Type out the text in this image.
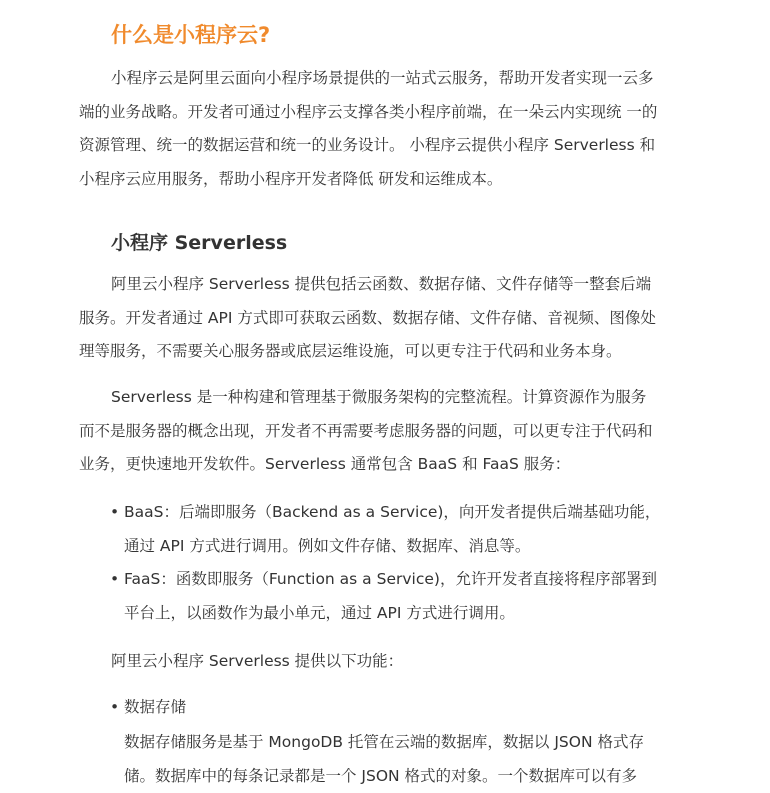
什么是小程序云?
小程序云是阿里云面向小程序场景提供的一站式云服务，帮助开发者实现一云多
端的业务战略。开发者可通过小程序云支撑各类小程序前端，在一朵云内实现统 一的
资源管理、统一的数据运营和统一的业务设计。 小程序云提供小程序 Serverless 和
小程序云应用服务，帮助小程序开发者降低 研发和运维成本。
小程序 Serverless
阿里云小程序 Serverless 提供包括云函数、数据存储、文件存储等一整套后端
服务。开发者通过 API 方式即可获取云函数、数据存储、文件存储、音视频、图像处
理等服务，不需要关心服务器或底层运维设施，可以更专注于代码和业务本身。
Serverless 是一种构建和管理基于微服务架构的完整流程。计算资源作为服务
而不是服务器的概念出现，开发者不再需要考虑服务器的问题，可以更专注于代码和
业务，更快速地开发软件。Serverless 通常包含 BaaS 和 FaaS 服务：
• BaaS：后端即服务（Backend as a Service)，向开发者提供后端基础功能，
通过 API 方式进行调用。例如文件存储、数据库、消息等。
• FaaS：函数即服务（Function as a Service)，允许开发者直接将程序部署到
平台上，以函数作为最小单元，通过 API 方式进行调用。
阿里云小程序 Serverless 提供以下功能：
• 数据存储
数据存储服务是基于 MongoDB 托管在云端的数据库，数据以 JSON 格式存
储。数据库中的每条记录都是一个 JSON 格式的对象。一个数据库可以有多
